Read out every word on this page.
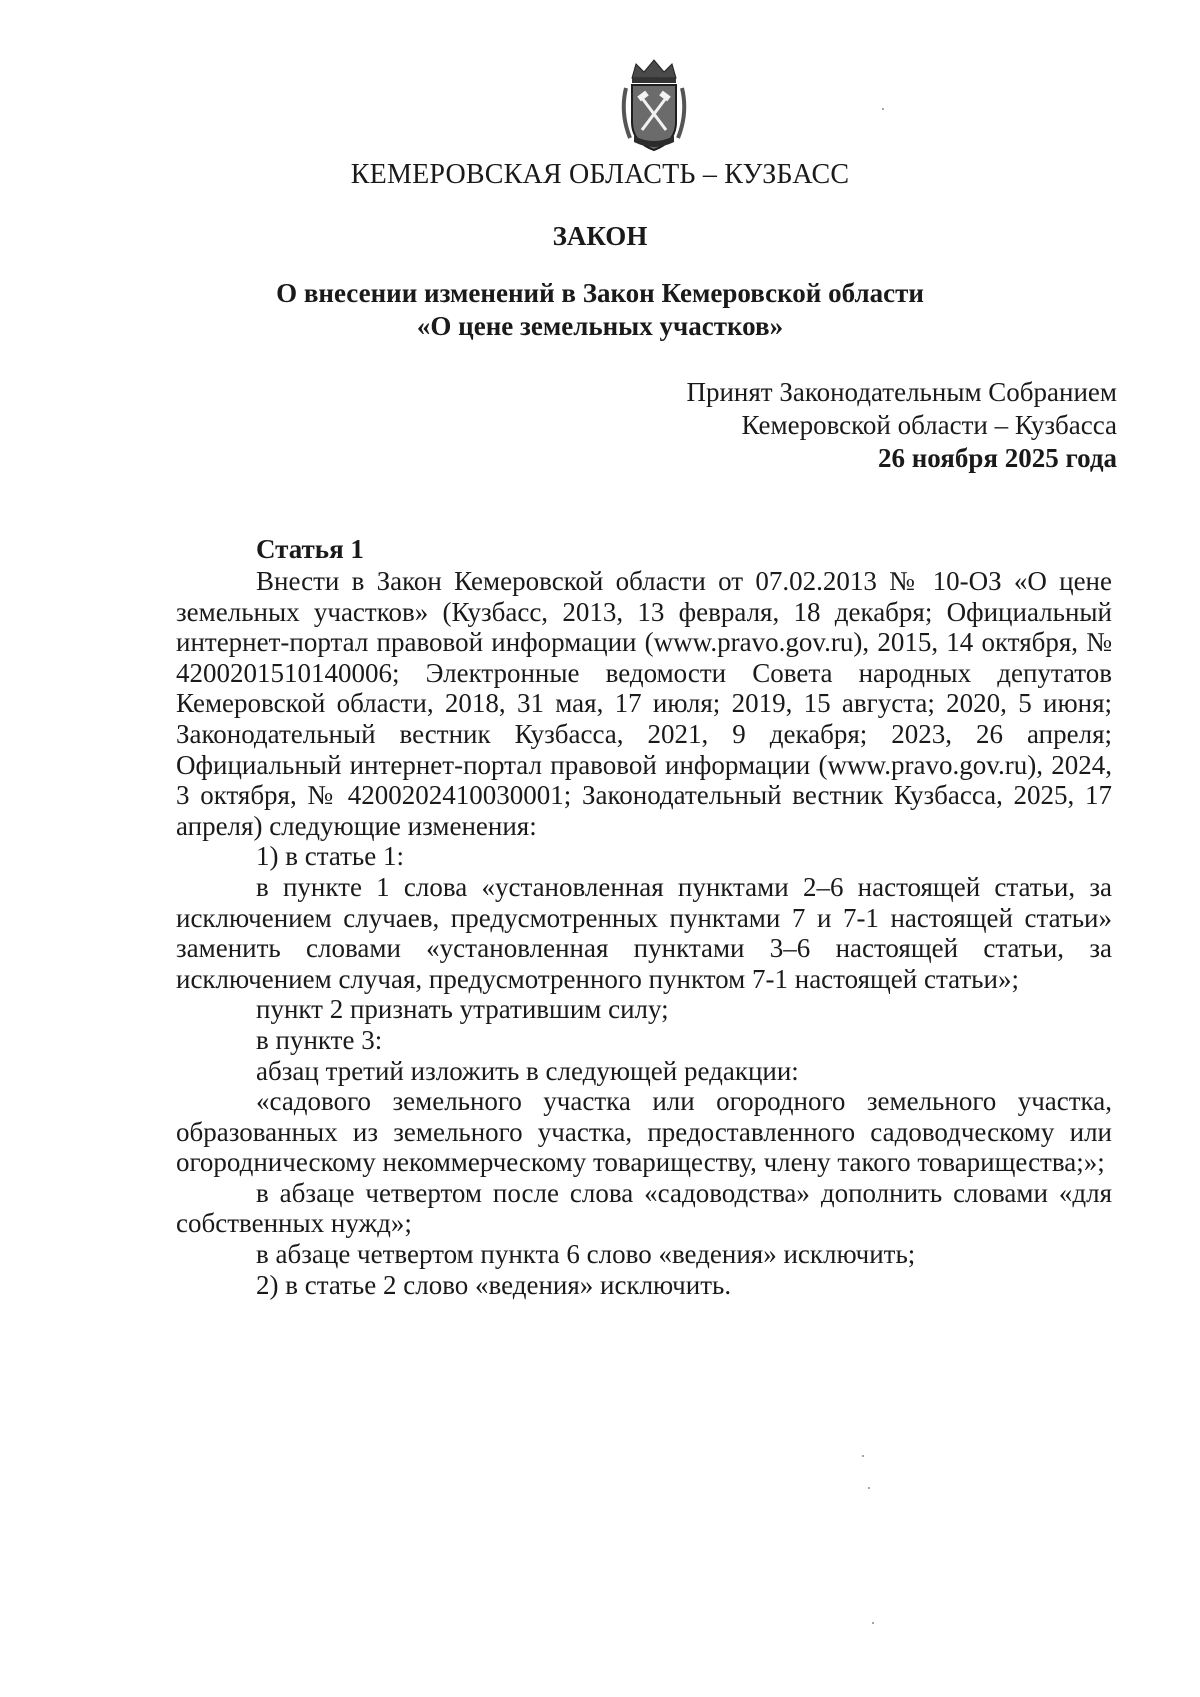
КЕМЕРОВСКАЯ ОБЛАСТЬ – КУЗБАСС
ЗАКОН
О внесении изменений в Закон Кемеровской области
«О цене земельных участков»
Принят Законодательным Собранием
Кемеровской области – Кузбасса
26 ноября 2025 года
Статья 1

Внести в Закон Кемеровской области от 07.02.2013 № 10-ОЗ «О цене земельных участков» (Кузбасс, 2013, 13 февраля, 18 декабря; Официальный интернет-портал правовой информации (www.pravo.gov.ru), 2015, 14 октября, № 4200201510140006; Электронные ведомости Совета народных депутатов Кемеровской области, 2018, 31 мая, 17 июля; 2019, 15 августа; 2020, 5 июня; Законодательный вестник Кузбасса, 2021, 9 декабря; 2023, 26 апреля; Официальный интернет-портал правовой информации (www.pravo.gov.ru), 2024, 3 октября, № 4200202410030001; Законодательный вестник Кузбасса, 2025, 17 апреля) следующие изменения:

1) в статье 1:

в пункте 1 слова «установленная пунктами 2–6 настоящей статьи, за исключением случаев, предусмотренных пунктами 7 и 7-1 настоящей статьи» заменить словами «установленная пунктами 3–6 настоящей статьи, за исключением случая, предусмотренного пунктом 7-1 настоящей статьи»;

пункт 2 признать утратившим силу;

в пункте 3:

абзац третий изложить в следующей редакции:

«садового земельного участка или огородного земельного участка, образованных из земельного участка, предоставленного садоводческому или огородническому некоммерческому товариществу, члену такого товарищества;»;

в абзаце четвертом после слова «садоводства» дополнить словами «для собственных нужд»;

в абзаце четвертом пункта 6 слово «ведения» исключить;

2) в статье 2 слово «ведения» исключить.
